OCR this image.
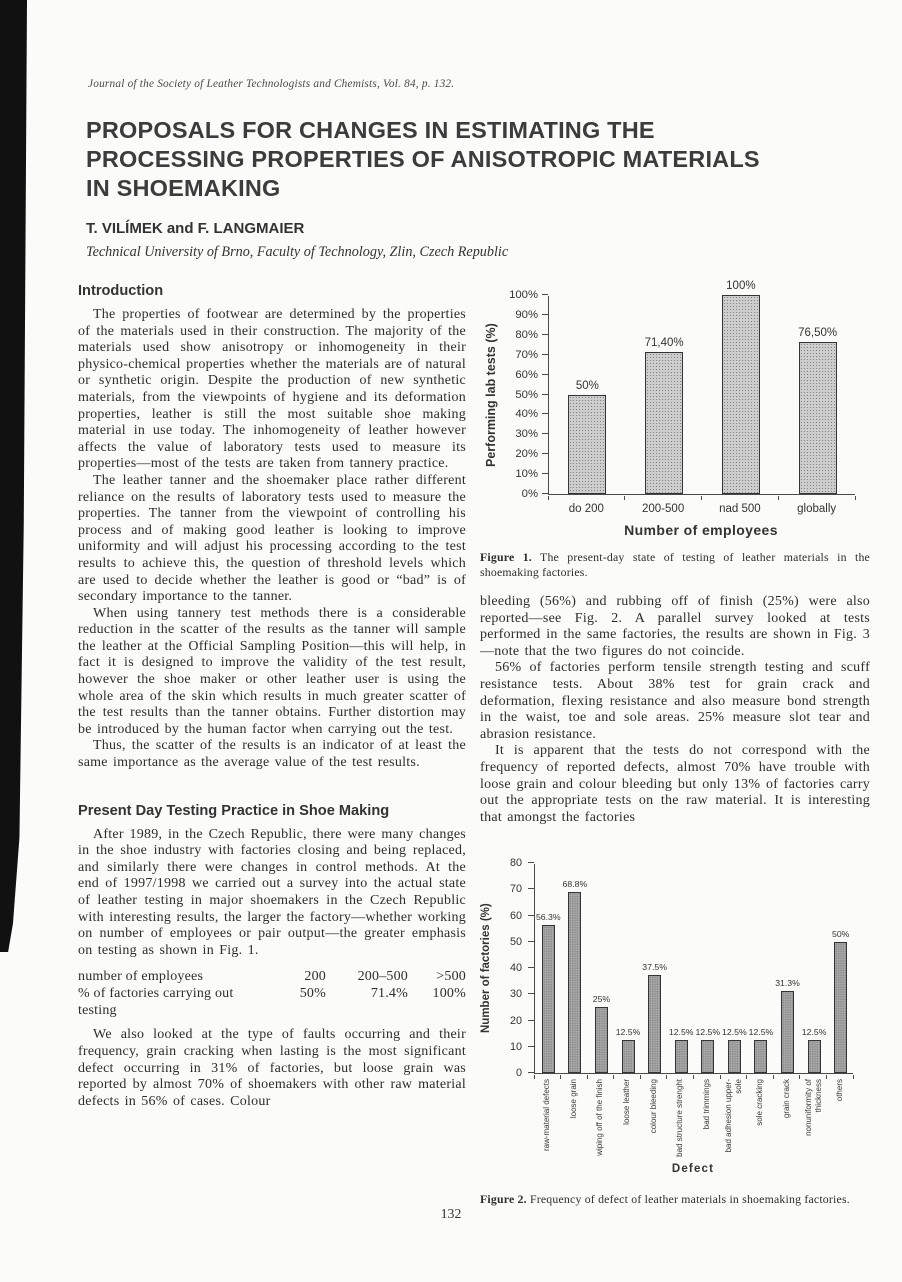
Journal of the Society of Leather Technologists and Chemists, Vol. 84, p. 132.
PROPOSALS FOR CHANGES IN ESTIMATING THE
PROCESSING PROPERTIES OF ANISOTROPIC MATERIALS
IN SHOEMAKING
T. VILÍMEK and F. LANGMAIER
Technical University of Brno, Faculty of Technology, Zlin, Czech Republic
Introduction

The properties of footwear are determined by the properties of the materials used in their construction. The majority of the materials used show anisotropy or inhomogeneity in their physico-chemical properties whether the materials are of natural or synthetic origin. Despite the production of new synthetic materials, from the viewpoints of hygiene and its deformation properties, leather is still the most suitable shoe making material in use today. The inhomogeneity of leather however affects the value of laboratory tests used to measure its properties—most of the tests are taken from tannery practice.

The leather tanner and the shoemaker place rather different reliance on the results of laboratory tests used to measure the properties. The tanner from the viewpoint of controlling his process and of making good leather is looking to improve uniformity and will adjust his processing according to the test results to achieve this, the question of threshold levels which are used to decide whether the leather is good or “bad” is of secondary importance to the tanner.

When using tannery test methods there is a considerable reduction in the scatter of the results as the tanner will sample the leather at the Official Sampling Position—this will help, in fact it is designed to improve the validity of the test result, however the shoe maker or other leather user is using the whole area of the skin which results in much greater scatter of the test results than the tanner obtains. Further distortion may be introduced by the human factor when carrying out the test.

Thus, the scatter of the results is an indicator of at least the same importance as the average value of the test results.

Present Day Testing Practice in Shoe Making

After 1989, in the Czech Republic, there were many changes in the shoe industry with factories closing and being replaced, and similarly there were changes in control methods. At the end of 1997/1998 we carried out a survey into the actual state of leather testing in major shoemakers in the Czech Republic with interesting results, the larger the factory—whether working on number of employees or pair output—the greater emphasis on testing as shown in Fig. 1.

number of employees	200	200–500	>500
% of factories carrying out testing
50%	71.4%	100%

We also looked at the type of faults occurring and their frequency, grain cracking when lasting is the most significant defect occurring in 31% of factories, but loose grain was reported by almost 70% of shoemakers with other raw material defects in 56% of cases. Colour

Performing lab tests (%)
0%
10%
20%
30%
40%
50%
60%
70%
80%
90%
100%
50%
71,40%
100%
76,50%
do 200	200-500	nad 500	globally
Number of employees
Figure 1. The present-day state of testing of leather materials in the shoemaking factories.

bleeding (56%) and rubbing off of finish (25%) were also reported—see Fig. 2. A parallel survey looked at tests performed in the same factories, the results are shown in Fig. 3—note that the two figures do not coincide.

56% of factories perform tensile strength testing and scuff resistance tests. About 38% test for grain crack and deformation, flexing resistance and also measure bond strength in the waist, toe and sole areas. 25% measure slot tear and abrasion resistance.

It is apparent that the tests do not correspond with the frequency of reported defects, almost 70% have trouble with loose grain and colour bleeding but only 13% of factories carry out the appropriate tests on the raw material. It is interesting that amongst the factories

Number of factories (%)
0
10
20
30
40
50
60
70
80
56.3%
68.8%
25%
12.5%
37.5%
12.5% 12.5% 12.5% 12.5%
31.3%
12.5%
50%
raw-material defects loose grain wiping off of the finish loose leather colour bleeding bad structure strenght bad trimmings bad adhesion upper-sole sole cracking grain crack nonuniformity of thickness others
Defect
Figure 2. Frequency of defect of leather materials in shoemaking factories.
132
